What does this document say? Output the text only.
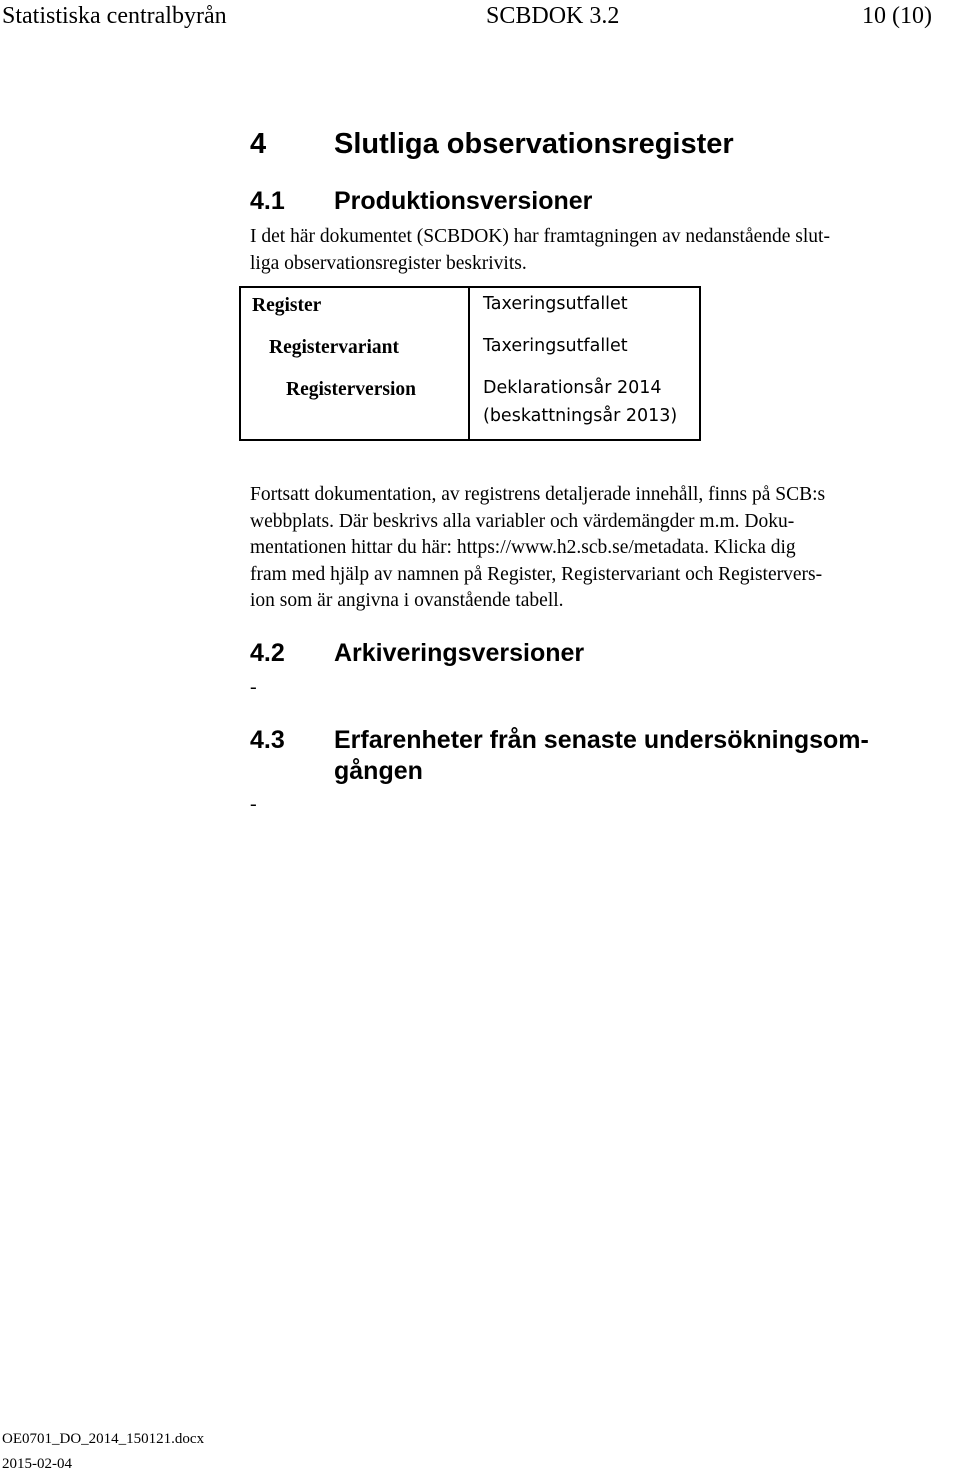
Statistiska centralbyrån	SCBDOK 3.2	10 (10)
4 Slutliga observationsregister
4.1 Produktionsversioner
I det här dokumentet (SCBDOK) har framtagningen av nedanstående slut-
liga observationsregister beskrivits.
Register	Taxeringsutfallet
Registervariant	Taxeringsutfallet
Registerversion	Deklarationsår 2014
(beskattningsår 2013)
Fortsatt dokumentation, av registrens detaljerade innehåll, finns på SCB:s
webbplats. Där beskrivs alla variabler och värdemängder m.m. Doku-
mentationen hittar du här: https://www.h2.scb.se/metadata. Klicka dig
fram med hjälp av namnen på Register, Registervariant och Registervers-
ion som är angivna i ovanstående tabell.
4.2 Arkiveringsversioner
-
4.3 Erfarenheter från senaste undersökningsom-
gången
-
OE0701_DO_2014_150121.docx
2015-02-04
